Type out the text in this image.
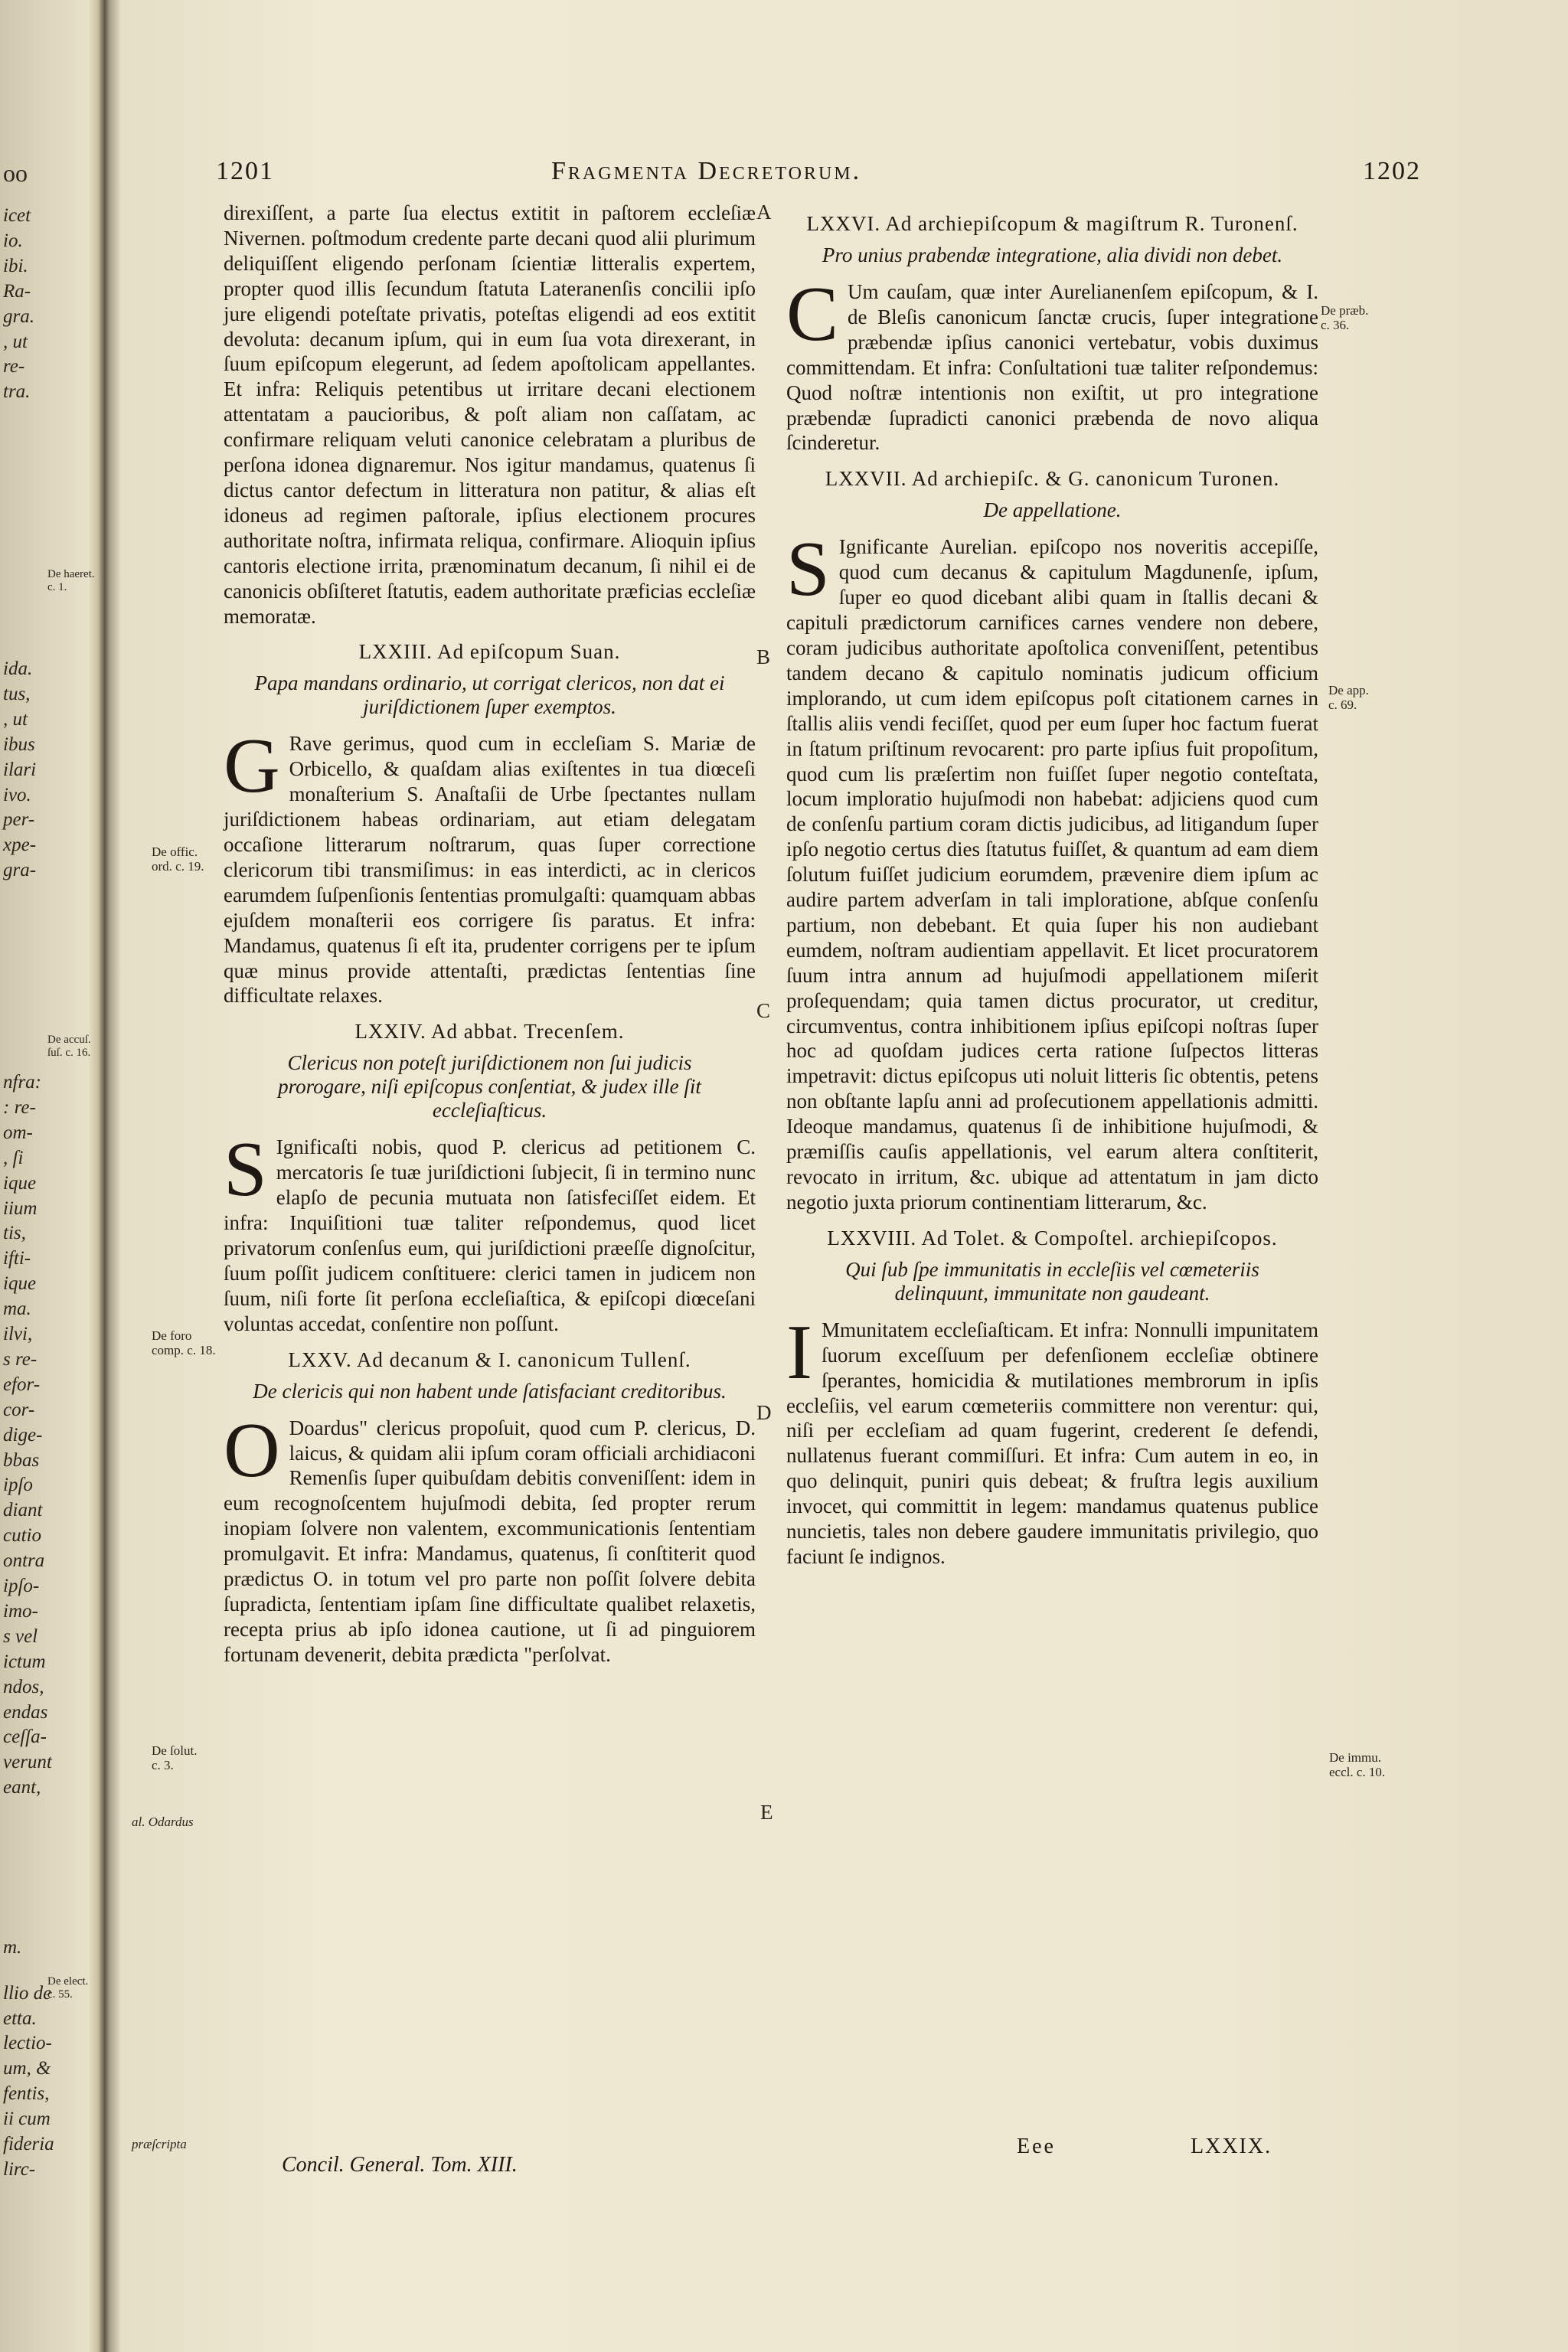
oo
icet
io.
ibi.
Ra-
gra.
, ut
re-
tra.
ida.
tus,
, ut
ibus
ilari
ivo.
per-
xpe-
gra-
nfra:
: re-
om-
, ſi
ique
iium
tis,
ifti-
ique
ma.
ilvi,
s re-
efor-
cor-
dige-
bbas
ipſo
diant
cutio
ontra
ipſo-
imo-
s vel
ictum
ndos,
endas
ceſſa-
verunt
eant,
m.
llio de
etta.
lectio-
um, &
fentis,
ii cum
fideria
lirc-
De haeret.
c. 1.
De accuſ.
ſuſ. c. 16.
De elect.
c. 55.
1201	Fragmenta Decretorum.	1202

direxiſſent, a parte ſua electus extitit in paſtorem eccleſiæ Nivernen. poſtmodum credente parte decani quod alii plurimum deliquiſſent eligendo perſonam ſcientiæ litteralis expertem, propter quod illis ſecundum ſtatuta Lateranenſis concilii ipſo jure eligendi poteſtate privatis, poteſtas eligendi ad eos extitit devoluta: decanum ipſum, qui in eum ſua vota direxerant, in ſuum epiſcopum elegerunt, ad ſedem apoſtolicam appellantes. Et infra: Reliquis petentibus ut irritare decani electionem attentatam a paucioribus, & poſt aliam non caſſatam, ac confirmare reliquam veluti canonice celebratam a pluribus de perſona idonea dignaremur. Nos igitur mandamus, quatenus ſi dictus cantor defectum in litteratura non patitur, & alias eſt idoneus ad regimen paſtorale, ipſius electionem procures authoritate noſtra, infirmata reliqua, confirmare. Alioquin ipſius cantoris electione irrita, prænominatum decanum, ſi nihil ei de canonicis obſiſteret ſtatutis, eadem authoritate præficias eccleſiæ memoratæ.

LXXIII. Ad epiſcopum Suan.

Papa mandans ordinario, ut corrigat clericos, non dat ei juriſdictionem ſuper exemptos.

G Rave gerimus, quod cum in eccleſiam S. Mariæ de Orbicello, & quaſdam alias exiſtentes in tua diœceſi monaſterium S. Anaſtaſii de Urbe ſpectantes nullam juriſdictionem habeas ordinariam, aut etiam delegatam occaſione litterarum noſtrarum, quas ſuper correctione clericorum tibi transmiſimus: in eas interdicti, ac in clericos earumdem ſuſpenſionis ſententias promulgaſti: quamquam abbas ejuſdem monaſterii eos corrigere ſis paratus. Et infra: Mandamus, quatenus ſi eſt ita, prudenter corrigens per te ipſum quæ minus provide attentaſti, prædictas ſententias ſine difficultate relaxes.

LXXIV. Ad abbat. Trecenſem.

Clericus non poteſt juriſdictionem non ſui judicis prorogare, niſi epiſcopus conſentiat, & judex ille ſit eccleſiaſticus.

S Ignificaſti nobis, quod P. clericus ad petitionem C. mercatoris ſe tuæ juriſdictioni ſubjecit, ſi in termino nunc elapſo de pecunia mutuata non ſatisfeciſſet eidem. Et infra: Inquiſitioni tuæ taliter reſpondemus, quod licet privatorum conſenſus eum, qui juriſdictioni præeſſe dignoſcitur, ſuum poſſit judicem conſtituere: clerici tamen in judicem non ſuum, niſi forte ſit perſona eccleſiaſtica, & epiſcopi diœceſani voluntas accedat, conſentire non poſſunt.

LXXV. Ad decanum & I. canonicum Tullenſ.

De clericis qui non habent unde ſatisfaciant creditoribus.

O Doardus" clericus propoſuit, quod cum P. clericus, D. laicus, & quidam alii ipſum coram officiali archidiaconi Remenſis ſuper quibuſdam debitis conveniſſent: idem in eum recognoſcentem hujuſmodi debita, ſed propter rerum inopiam ſolvere non valentem, excommunicationis ſententiam promulgavit. Et infra: Mandamus, quatenus, ſi conſtiterit quod prædictus O. in totum vel pro parte non poſſit ſolvere debita ſupradicta, ſententiam ipſam ſine difficultate qualibet relaxetis, recepta prius ab ipſo idonea cautione, ut ſi ad pinguiorem fortunam devenerit, debita prædicta "perſolvat.

LXXVI. Ad archiepiſcopum & magiſtrum R. Turonenſ.

Pro unius prabendæ integratione, alia dividi non debet.

C Um cauſam, quæ inter Aurelianenſem epiſcopum, & I. de Bleſis canonicum ſanctæ crucis, ſuper integratione præbendæ ipſius canonici vertebatur, vobis duximus committendam. Et infra: Conſultationi tuæ taliter reſpondemus: Quod noſtræ intentionis non exiſtit, ut pro integratione præbendæ ſupradicti canonici præbenda de novo aliqua ſcinderetur.

LXXVII. Ad archiepiſc. & G. canonicum Turonen.

De appellatione.

S Ignificante Aurelian. epiſcopo nos noveritis accepiſſe, quod cum decanus & capitulum Magdunenſe, ipſum, ſuper eo quod dicebant alibi quam in ſtallis decani & capituli prædictorum carnifices carnes vendere non debere, coram judicibus authoritate apoſtolica conveniſſent, petentibus tandem decano & capitulo nominatis judicum officium implorando, ut cum idem epiſcopus poſt citationem carnes in ſtallis aliis vendi feciſſet, quod per eum ſuper hoc factum fuerat in ſtatum priſtinum revocarent: pro parte ipſius fuit propoſitum, quod cum lis præſertim non fuiſſet ſuper negotio conteſtata, locum imploratio hujuſmodi non habebat: adjiciens quod cum de conſenſu partium coram dictis judicibus, ad litigandum ſuper ipſo negotio certus dies ſtatutus fuiſſet, & quantum ad eam diem ſolutum fuiſſet judicium eorumdem, prævenire diem ipſum ac audire partem adverſam in tali imploratione, abſque conſenſu partium, non debebant. Et quia ſuper his non audiebant eumdem, noſtram audientiam appellavit. Et licet procuratorem ſuum intra annum ad hujuſmodi appellationem miſerit proſequendam; quia tamen dictus procurator, ut creditur, circumventus, contra inhibitionem ipſius epiſcopi noſtras ſuper hoc ad quoſdam judices certa ratione ſuſpectos litteras impetravit: dictus epiſcopus uti noluit litteris ſic obtentis, petens non obſtante lapſu anni ad proſecutionem appellationis admitti. Ideoque mandamus, quatenus ſi de inhibitione hujuſmodi, & præmiſſis cauſis appellationis, vel earum altera conſtiterit, revocato in irritum, &c. ubique ad attentatum in jam dicto negotio juxta priorum continentiam litterarum, &c.

LXXVIII. Ad Tolet. & Compoſtel. archiepiſcopos.

Qui ſub ſpe immunitatis in eccleſiis vel cœmeteriis delinquunt, immunitate non gaudeant.

I Mmunitatem eccleſiaſticam. Et infra: Nonnulli impunitatem ſuorum exceſſuum per defenſionem eccleſiæ obtinere ſperantes, homicidia & mutilationes membrorum in ipſis eccleſiis, vel earum cœmeteriis committere non verentur: qui, niſi per eccleſiam ad quam fugerint, crederent ſe defendi, nullatenus fuerant commiſſuri. Et infra: Cum autem in eo, in quo delinquit, puniri quis debeat; & fruſtra legis auxilium invocet, qui committit in legem: mandamus quatenus publice nuncietis, tales non debere gaudere immunitatis privilegio, quo faciunt ſe indignos.

A
B
C
D
E
De offic.
ord. c. 19.
De foro
comp. c. 18.
De ſolut.
c. 3.
al. Odardus
præſcripta
De præb.
c. 36.
De app.
c. 69.
De immu.
eccl. c. 10.
Eee	LXXIX.
Concil. General. Tom. XIII.
